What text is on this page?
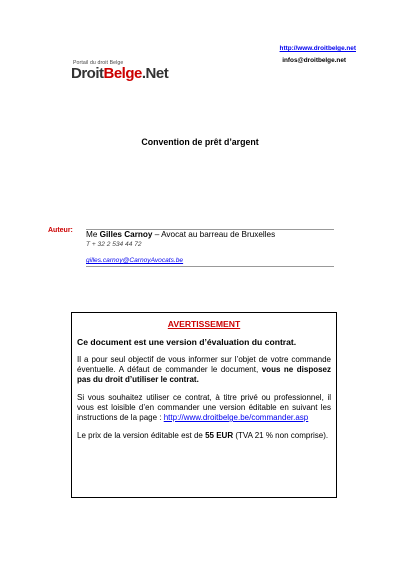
http://www.droitbelge.net
infos@droitbelge.net
Portail du droit Belge
DroitBelge.Net
Convention de prêt d’argent
Auteur: Me Gilles Carnoy – Avocat au barreau de Bruxelles
T + 32 2 534 44 72
gilles.carnoy@CarnoyAvocats.be
AVERTISSEMENT

Ce document est une version d’évaluation du contrat.

Il a pour seul objectif de vous informer sur l’objet de votre commande éventuelle. A défaut de commander le document, vous ne disposez pas du droit d’utiliser le contrat.

Si vous souhaitez utiliser ce contrat, à titre privé ou professionnel, il vous est loisible d’en commander une version éditable en suivant les instructions de la page : http://www.droitbelge.be/commander.asp

Le prix de la version éditable est de 55 EUR (TVA 21 % non comprise).
